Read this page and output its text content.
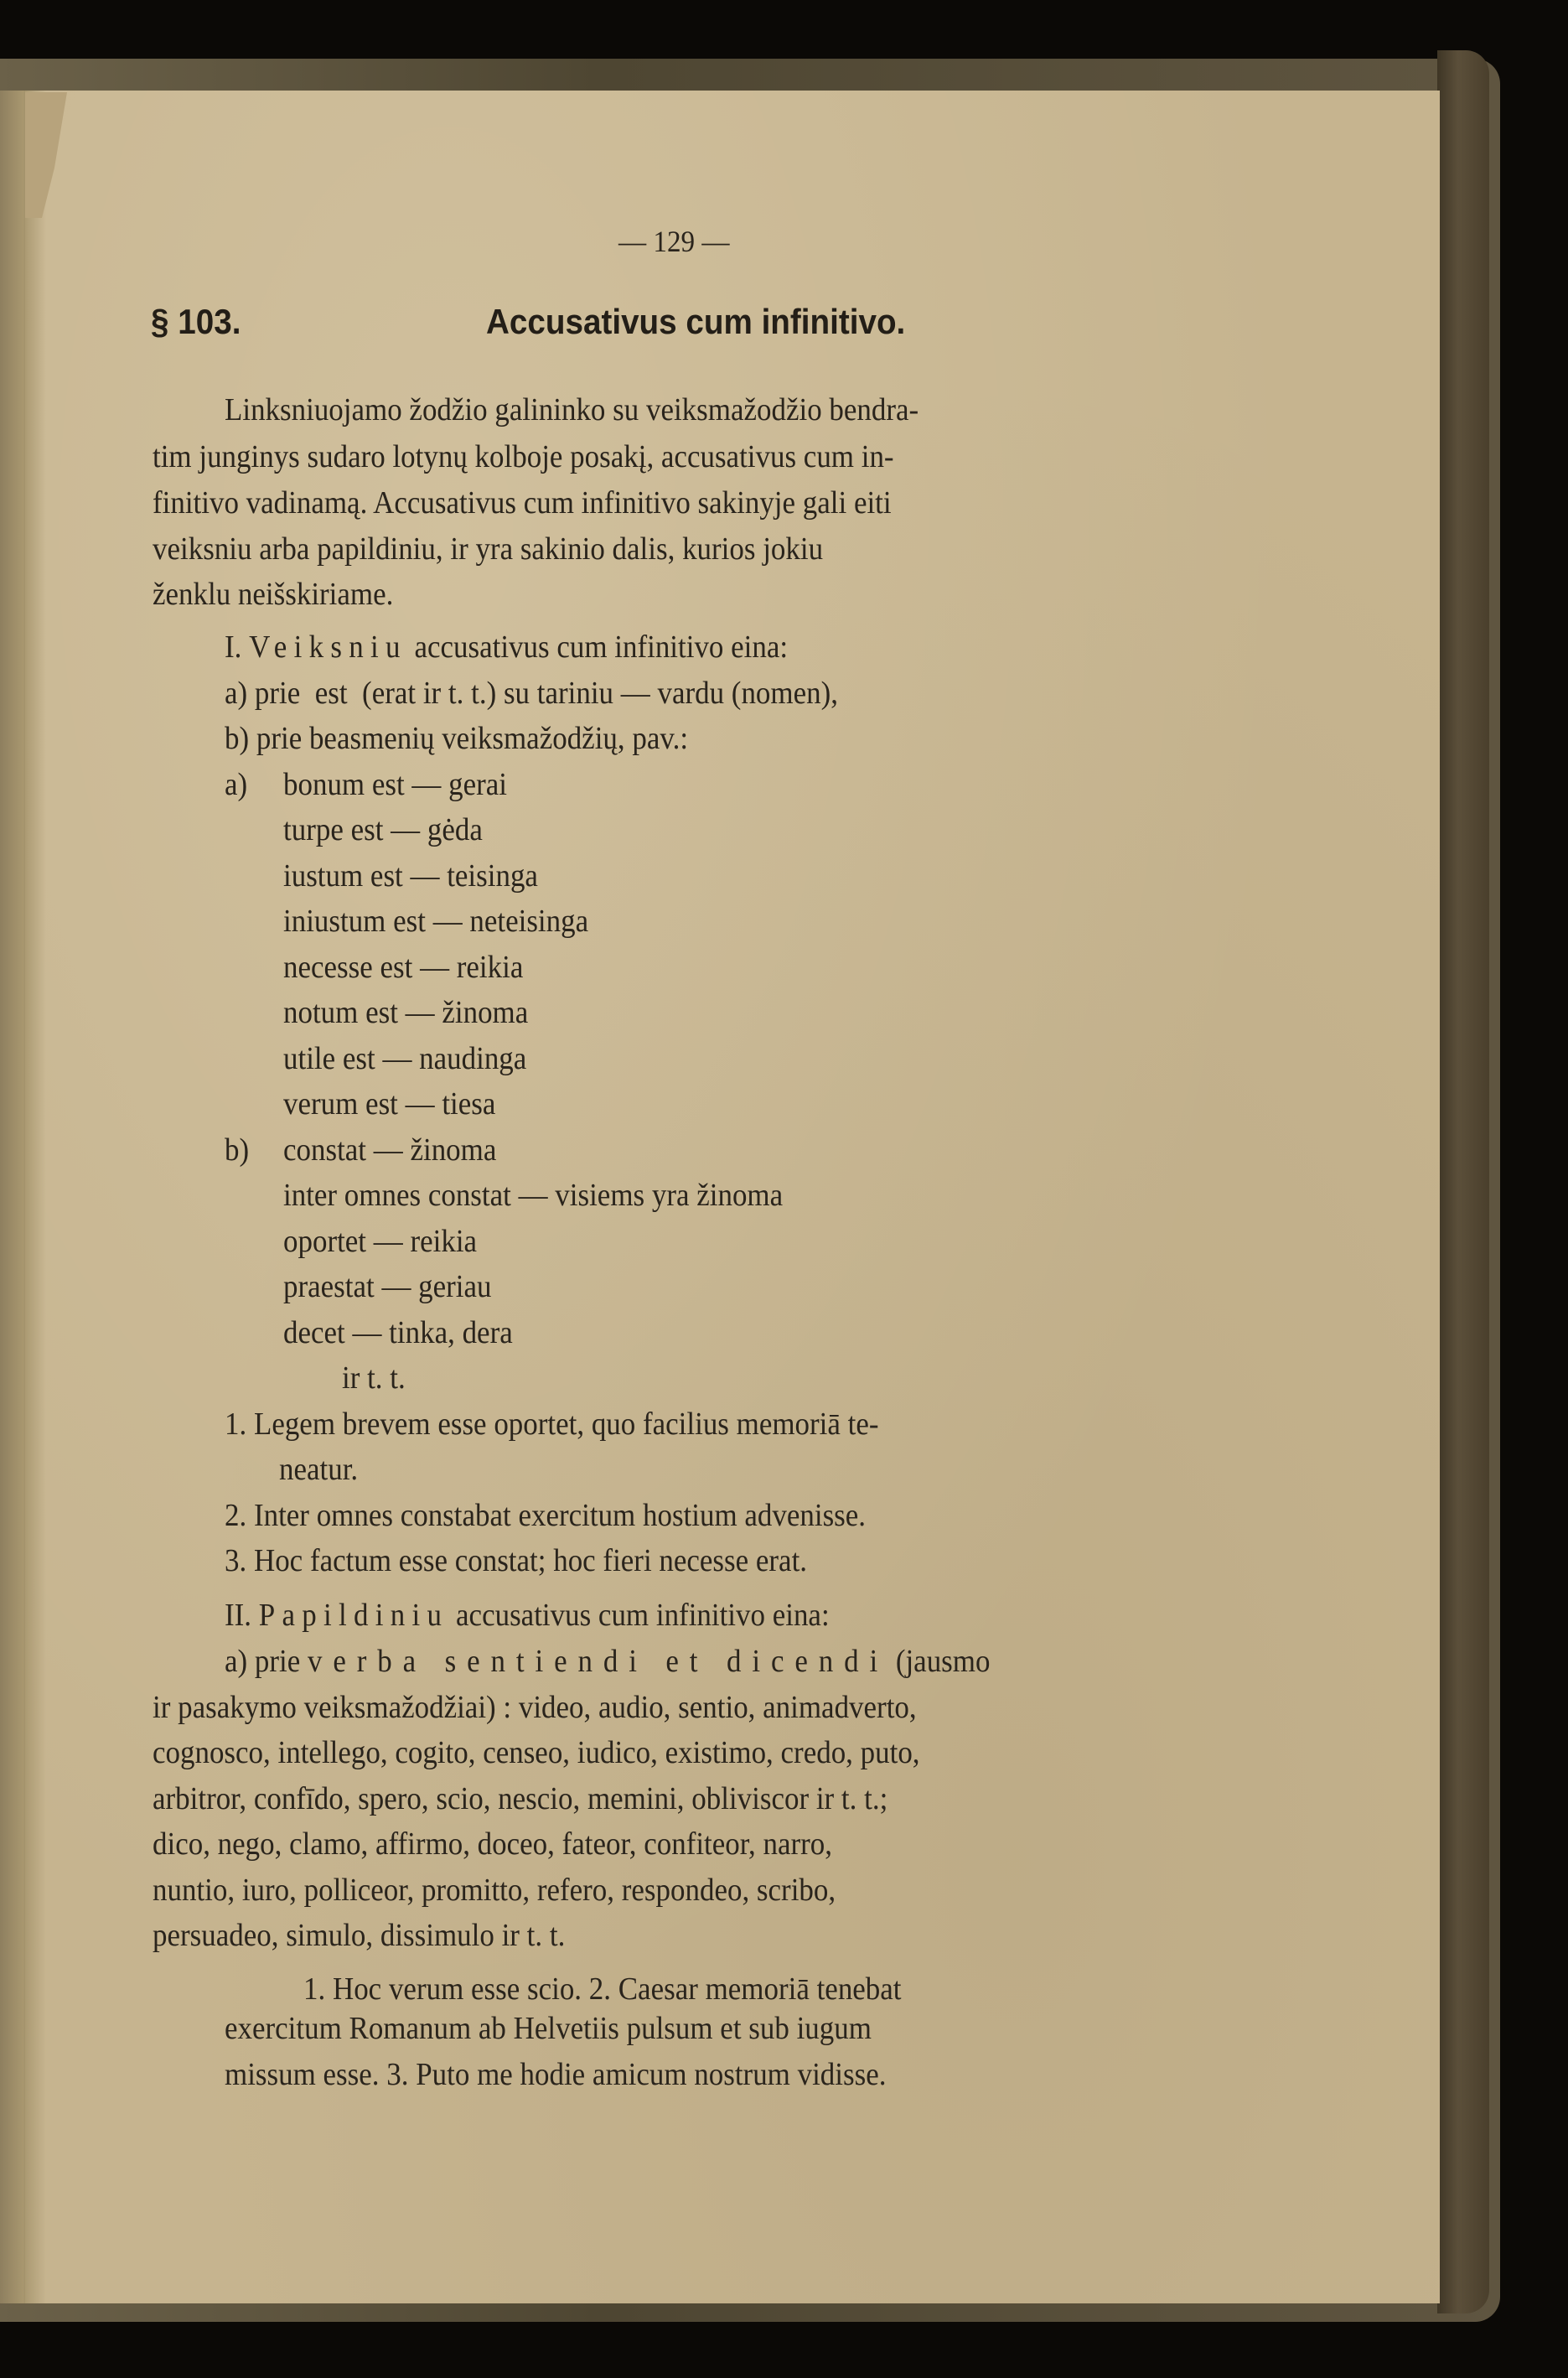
— 129 —
§ 103.	Accusativus cum infinitivo.
Linksniuojamo žodžio galininko su veiksmažodžio bendra-
tim junginys sudaro lotynų kolboje posakį, accusativus cum in-
finitivo vadinamą. Accusativus cum infinitivo sakinyje gali eiti
veiksniu arba papildiniu, ir yra sakinio dalis, kurios jokiu
ženklu neišskiriame.
I. Veiksniu accusativus cum infinitivo eina:
a) prie  est  (erat ir t. t.) su tariniu — vardu (nomen),
b) prie beasmenių veiksmažodžių, pav.:
a) bonum est — gerai
turpe est — gėda
iustum est — teisinga
iniustum est — neteisinga
necesse est — reikia
notum est — žinoma
utile est — naudinga
verum est — tiesa
b) constat — žinoma
inter omnes constat — visiems yra žinoma
oportet — reikia
praestat — geriau
decet — tinka, dera
ir t. t.
1. Legem brevem esse oportet, quo facilius memoriā te-
neatur.
2. Inter omnes constabat exercitum hostium advenisse.
3. Hoc factum esse constat; hoc fieri necesse erat.
II. Papildiniu accusativus cum infinitivo eina:
a) prie verba sentiendi et dicendi (jausmo
ir pasakymo veiksmažodžiai) : video, audio, sentio, animadverto,
cognosco, intellego, cogito, censeo, iudico, existimo, credo, puto,
arbitror, confīdo, spero, scio, nescio, memini, obliviscor ir t. t.;
dico, nego, clamo, affirmo, doceo, fateor, confiteor, narro,
nuntio, iuro, polliceor, promitto, refero, respondeo, scribo,
persuadeo, simulo, dissimulo ir t. t.
1. Hoc verum esse scio. 2. Caesar memoriā tenebat
exercitum Romanum ab Helvetiis pulsum et sub iugum
missum esse. 3. Puto me hodie amicum nostrum vidisse.
